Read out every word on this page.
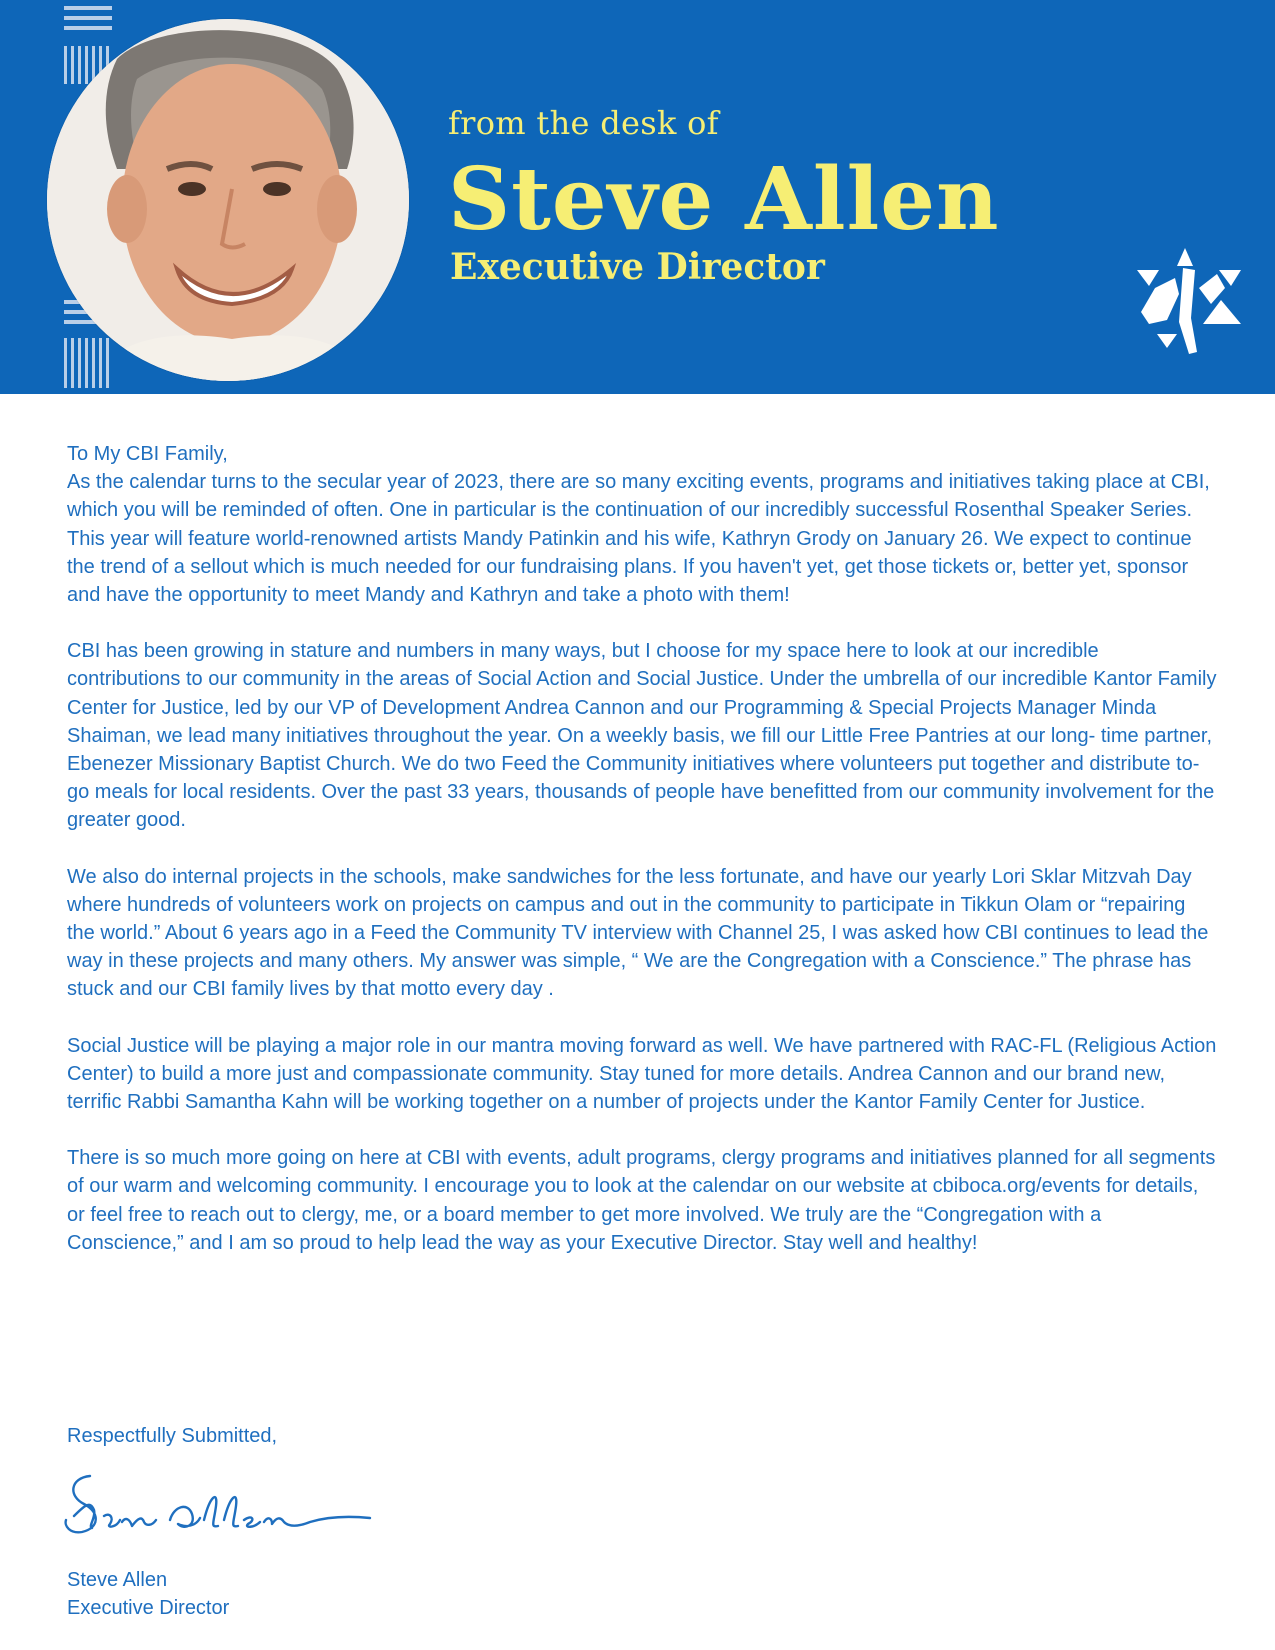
from the desk of
Steve Allen
Executive Director

To My CBI Family,

As the calendar turns to the secular year of 2023, there are so many exciting events, programs and initiatives taking place at CBI, which you will be reminded of often. One in particular is the continuation of our incredibly successful Rosenthal Speaker Series. This year will feature world-renowned artists Mandy Patinkin and his wife, Kathryn Grody on January 26. We expect to continue the trend of a sellout which is much needed for our fundraising plans. If you haven't yet, get those tickets or, better yet, sponsor and have the opportunity to meet Mandy and Kathryn and take a photo with them!

CBI has been growing in stature and numbers in many ways, but I choose for my space here to look at our incredible contributions to our community in the areas of Social Action and Social Justice. Under the umbrella of our incredible Kantor Family Center for Justice, led by our VP of Development Andrea Cannon and our Programming & Special Projects Manager Minda Shaiman, we lead many initiatives throughout the year. On a weekly basis, we fill our Little Free Pantries at our long- time partner, Ebenezer Missionary Baptist Church. We do two Feed the Community initiatives where volunteers put together and distribute to-go meals for local residents. Over the past 33 years, thousands of people have benefitted from our community involvement for the greater good.

We also do internal projects in the schools, make sandwiches for the less fortunate, and have our yearly Lori Sklar Mitzvah Day where hundreds of volunteers work on projects on campus and out in the community to participate in Tikkun Olam or “repairing the world.” About 6 years ago in a Feed the Community TV interview with Channel 25, I was asked how CBI continues to lead the way in these projects and many others. My answer was simple, “ We are the Congregation with a Conscience.” The phrase has stuck and our CBI family lives by that motto every day .

Social Justice will be playing a major role in our mantra moving forward as well. We have partnered with RAC-FL (Religious Action Center) to build a more just and compassionate community. Stay tuned for more details. Andrea Cannon and our brand new, terrific Rabbi Samantha Kahn will be working together on a number of projects under the Kantor Family Center for Justice.

There is so much more going on here at CBI with events, adult programs, clergy programs and initiatives planned for all segments of our warm and welcoming community. I encourage you to look at the calendar on our website at cbiboca.org/events for details, or feel free to reach out to clergy, me, or a board member to get more involved. We truly are the “Congregation with a Conscience,” and I am so proud to help lead the way as your Executive Director. Stay well and healthy!

Respectfully Submitted,
Steve Allen
Executive Director
